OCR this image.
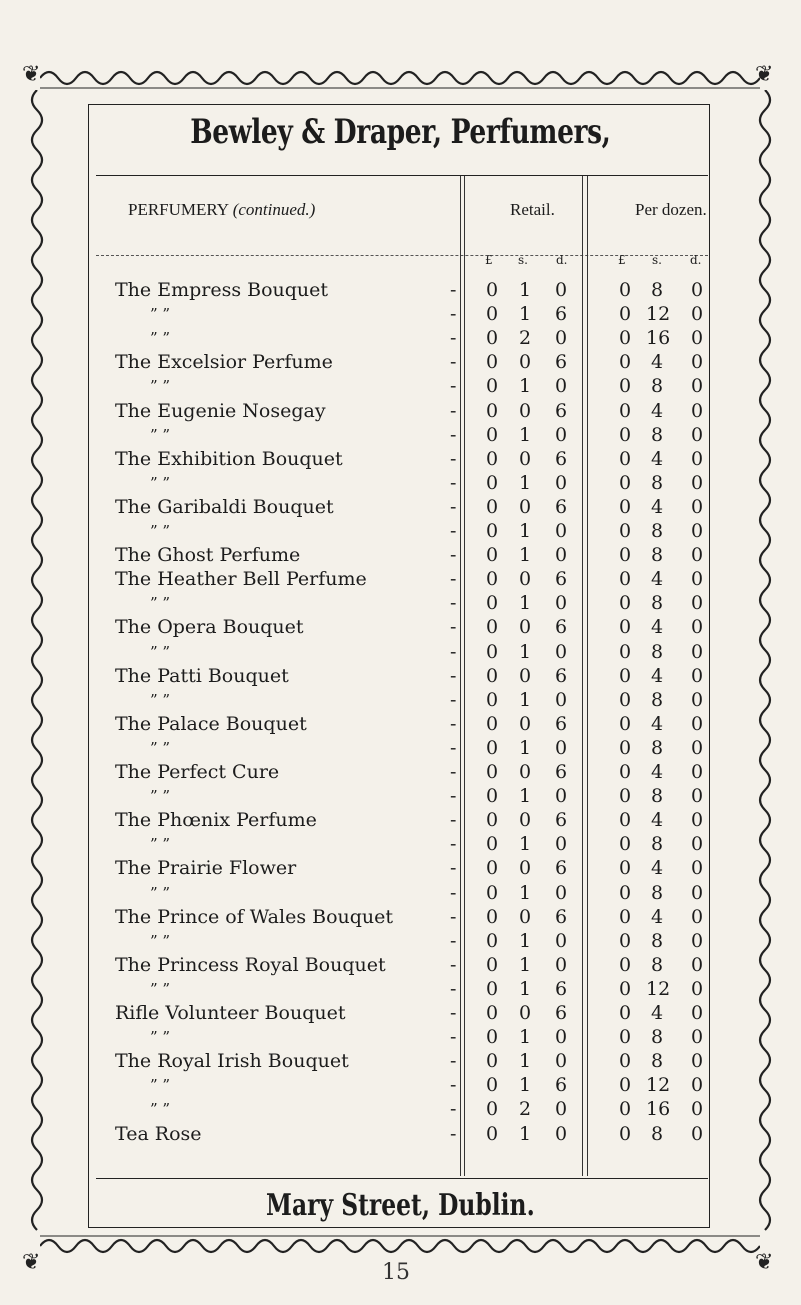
❦	❦
❦	❦
Bewley & Draper, Perfumers,
PERFUMERY (continued.)	Retail.	Per dozen.
£ s. d.	£ s. d.
The Empress Bouquet	- 0 1 0	0 8 0
” ”	- 0 1 6	0 12 0
” ”	- 0 2 0	0 16 0
The Excelsior Perfume	- 0 0 6	0 4 0
” ”	- 0 1 0	0 8 0
The Eugenie Nosegay	- 0 0 6	0 4 0
” ”	- 0 1 0	0 8 0
The Exhibition Bouquet	- 0 0 6	0 4 0
” ”	- 0 1 0	0 8 0
The Garibaldi Bouquet	- 0 0 6	0 4 0
” ”	- 0 1 0	0 8 0
The Ghost Perfume	- 0 1 0	0 8 0
The Heather Bell Perfume	- 0 0 6	0 4 0
” ”	- 0 1 0	0 8 0
The Opera Bouquet	- 0 0 6	0 4 0
” ”	- 0 1 0	0 8 0
The Patti Bouquet	- 0 0 6	0 4 0
” ”	- 0 1 0	0 8 0
The Palace Bouquet	- 0 0 6	0 4 0
” ”	- 0 1 0	0 8 0
The Perfect Cure	- 0 0 6	0 4 0
” ”	- 0 1 0	0 8 0
The Phœnix Perfume	- 0 0 6	0 4 0
” ”	- 0 1 0	0 8 0
The Prairie Flower	- 0 0 6	0 4 0
” ”	- 0 1 0	0 8 0
The Prince of Wales Bouquet	- 0 0 6	0 4 0
” ”	- 0 1 0	0 8 0
The Princess Royal Bouquet	- 0 1 0	0 8 0
” ”	- 0 1 6	0 12 0
Rifle Volunteer Bouquet	- 0 0 6	0 4 0
” ”	- 0 1 0	0 8 0
The Royal Irish Bouquet	- 0 1 0	0 8 0
” ”	- 0 1 6	0 12 0
” ”	- 0 2 0	0 16 0
Tea Rose	- 0 1 0	0 8 0
Mary Street, Dublin.
15
